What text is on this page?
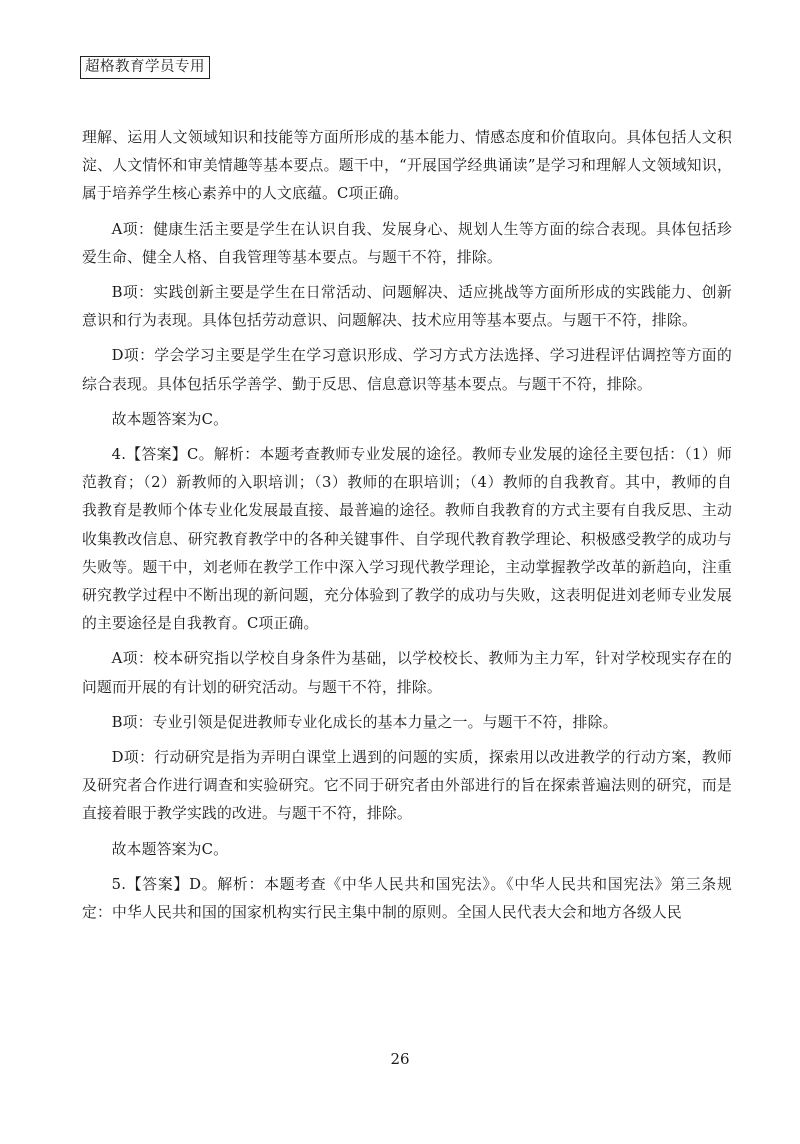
超格教育学员专用

理解、运用人文领域知识和技能等方面所形成的基本能力、情感态度和价值取向。具体包括人文积淀、人文情怀和审美情趣等基本要点。题干中，“开展国学经典诵读”是学习和理解人文领域知识，属于培养学生核心素养中的人文底蕴。C项正确。

A项：健康生活主要是学生在认识自我、发展身心、规划人生等方面的综合表现。具体包括珍爱生命、健全人格、自我管理等基本要点。与题干不符，排除。

B项：实践创新主要是学生在日常活动、问题解决、适应挑战等方面所形成的实践能力、创新意识和行为表现。具体包括劳动意识、问题解决、技术应用等基本要点。与题干不符，排除。

D项：学会学习主要是学生在学习意识形成、学习方式方法选择、学习进程评估调控等方面的综合表现。具体包括乐学善学、勤于反思、信息意识等基本要点。与题干不符，排除。

故本题答案为C。

4.【答案】C。解析：本题考查教师专业发展的途径。教师专业发展的途径主要包括：（1）师范教育；（2）新教师的入职培训；（3）教师的在职培训；（4）教师的自我教育。其中，教师的自我教育是教师个体专业化发展最直接、最普遍的途径。教师自我教育的方式主要有自我反思、主动收集教改信息、研究教育教学中的各种关键事件、自学现代教育教学理论、积极感受教学的成功与失败等。题干中，刘老师在教学工作中深入学习现代教学理论，主动掌握教学改革的新趋向，注重研究教学过程中不断出现的新问题，充分体验到了教学的成功与失败，这表明促进刘老师专业发展的主要途径是自我教育。C项正确。

A项：校本研究指以学校自身条件为基础，以学校校长、教师为主力军，针对学校现实存在的问题而开展的有计划的研究活动。与题干不符，排除。

B项：专业引领是促进教师专业化成长的基本力量之一。与题干不符，排除。

D项：行动研究是指为弄明白课堂上遇到的问题的实质，探索用以改进教学的行动方案，教师及研究者合作进行调查和实验研究。它不同于研究者由外部进行的旨在探索普遍法则的研究，而是直接着眼于教学实践的改进。与题干不符，排除。

故本题答案为C。

5.【答案】D。解析：本题考查《中华人民共和国宪法》。《中华人民共和国宪法》第三条规定：中华人民共和国的国家机构实行民主集中制的原则。全国人民代表大会和地方各级人民

26
